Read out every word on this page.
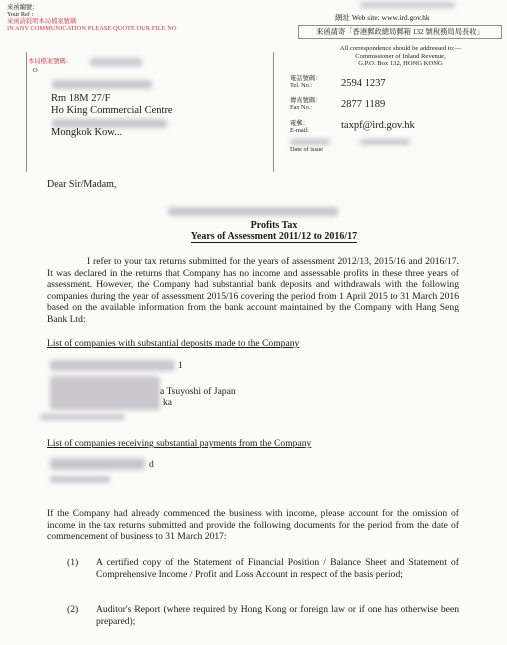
來函編號：
Your Ref :
來函請敍明本局檔案號碼
IN ANY COMMUNICATION PLEASE QUOTE OUR FILE NO
本局檔案號碼：
O
Rm 18M 27/F
Ho King Commercial Centre
Mongkok Kow...
網址 Web site: www.ird.gov.hk
來函請寄「香港郵政總局郵箱 132 號稅務局局長收」
All correspondence should be addressed to:—
Commissioner of Inland Revenue,
G.P.O. Box 132, HONG KONG
電話號碼：
Tel. No.:	2594 1237
傳真號碼：
Fax No.:	2877 1189
電郵：
E-mail:	taxpf@ird.gov.hk
Date of issue
Dear Sir/Madam,
Profits Tax
Years of Assessment 2011/12 to 2016/17
I refer to your tax returns submitted for the years of assessment 2012/13, 2015/16 and 2016/17. It was declared in the returns that Company has no income and assessable profits in these three years of assessment. However, the Company had substantial bank deposits and withdrawals with the following companies during the year of assessment 2015/16 covering the period from 1 April 2015 to 31 March 2016 based on the available information from the bank account maintained by the Company with Hang Seng Bank Ltd:
List of companies with substantial deposits made to the Company
1
a Tsuyoshi of Japan
ka
List of companies receiving substantial payments from the Company
d
If the Company had already commenced the business with income, please account for the omission of income in the tax returns submitted and provide the following documents for the period from the date of commencement of business to 31 March 2017:
(1) A certified copy of the Statement of Financial Position / Balance Sheet and Statement of Comprehensive Income / Profit and Loss Account in respect of the basis period;
(2) Auditor's Report (where required by Hong Kong or foreign law or if one has otherwise been prepared);
